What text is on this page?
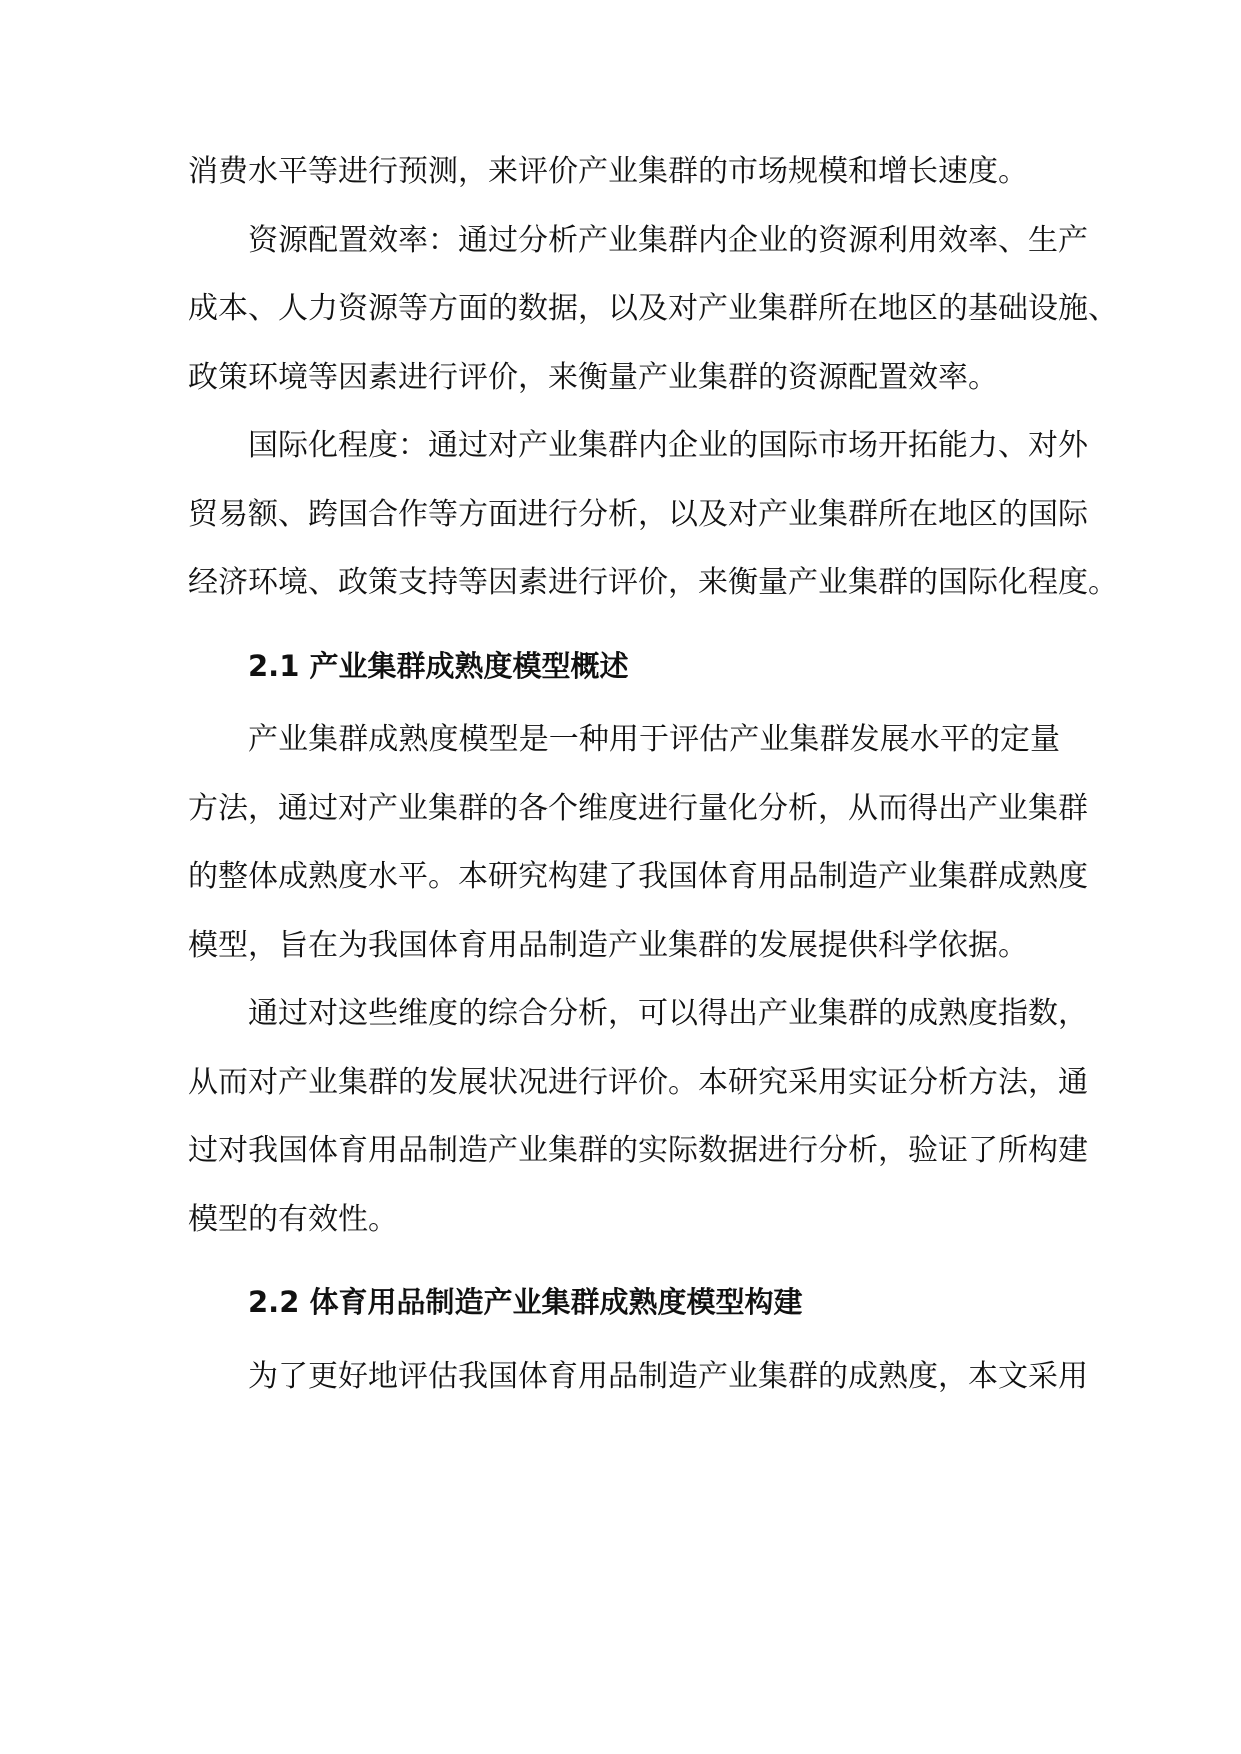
消费水平等进行预测，来评价产业集群的市场规模和增长速度。
资源配置效率：通过分析产业集群内企业的资源利用效率、生产
成本、人力资源等方面的数据，以及对产业集群所在地区的基础设施、
政策环境等因素进行评价，来衡量产业集群的资源配置效率。
国际化程度：通过对产业集群内企业的国际市场开拓能力、对外
贸易额、跨国合作等方面进行分析，以及对产业集群所在地区的国际
经济环境、政策支持等因素进行评价，来衡量产业集群的国际化程度。
2.1 产业集群成熟度模型概述
产业集群成熟度模型是一种用于评估产业集群发展水平的定量
方法，通过对产业集群的各个维度进行量化分析，从而得出产业集群
的整体成熟度水平。本研究构建了我国体育用品制造产业集群成熟度
模型，旨在为我国体育用品制造产业集群的发展提供科学依据。
通过对这些维度的综合分析，可以得出产业集群的成熟度指数，
从而对产业集群的发展状况进行评价。本研究采用实证分析方法，通
过对我国体育用品制造产业集群的实际数据进行分析，验证了所构建
模型的有效性。
2.2 体育用品制造产业集群成熟度模型构建
为了更好地评估我国体育用品制造产业集群的成熟度，本文采用
